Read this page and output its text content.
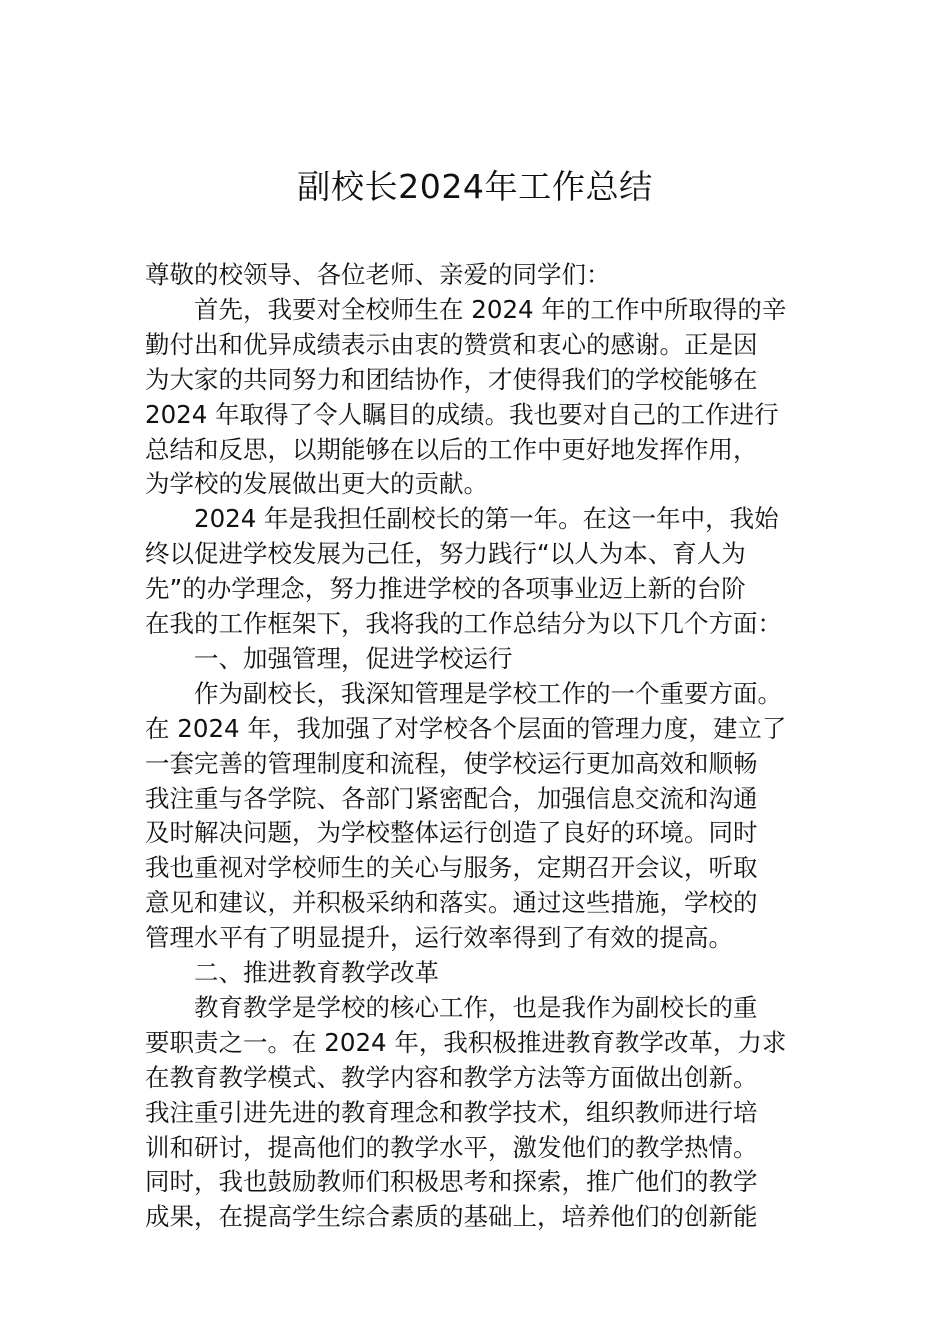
副校长2024年工作总结
尊敬的校领导、各位老师、亲爱的同学们：
首先，我要对全校师生在 2024 年的工作中所取得的辛
勤付出和优异成绩表示由衷的赞赏和衷心的感谢。正是因
为大家的共同努力和团结协作，才使得我们的学校能够在
2024 年取得了令人瞩目的成绩。我也要对自己的工作进行
总结和反思，以期能够在以后的工作中更好地发挥作用，
为学校的发展做出更大的贡献。
2024 年是我担任副校长的第一年。在这一年中，我始
终以促进学校发展为己任，努力践行“以人为本、育人为
先”的办学理念，努力推进学校的各项事业迈上新的台阶
在我的工作框架下，我将我的工作总结分为以下几个方面：
一、加强管理，促进学校运行
作为副校长，我深知管理是学校工作的一个重要方面。
在 2024 年，我加强了对学校各个层面的管理力度，建立了
一套完善的管理制度和流程，使学校运行更加高效和顺畅
我注重与各学院、各部门紧密配合，加强信息交流和沟通
及时解决问题，为学校整体运行创造了良好的环境。同时
我也重视对学校师生的关心与服务，定期召开会议，听取
意见和建议，并积极采纳和落实。通过这些措施，学校的
管理水平有了明显提升，运行效率得到了有效的提高。
二、推进教育教学改革
教育教学是学校的核心工作，也是我作为副校长的重
要职责之一。在 2024 年，我积极推进教育教学改革，力求
在教育教学模式、教学内容和教学方法等方面做出创新。
我注重引进先进的教育理念和教学技术，组织教师进行培
训和研讨，提高他们的教学水平，激发他们的教学热情。
同时，我也鼓励教师们积极思考和探索，推广他们的教学
成果，在提高学生综合素质的基础上，培养他们的创新能
